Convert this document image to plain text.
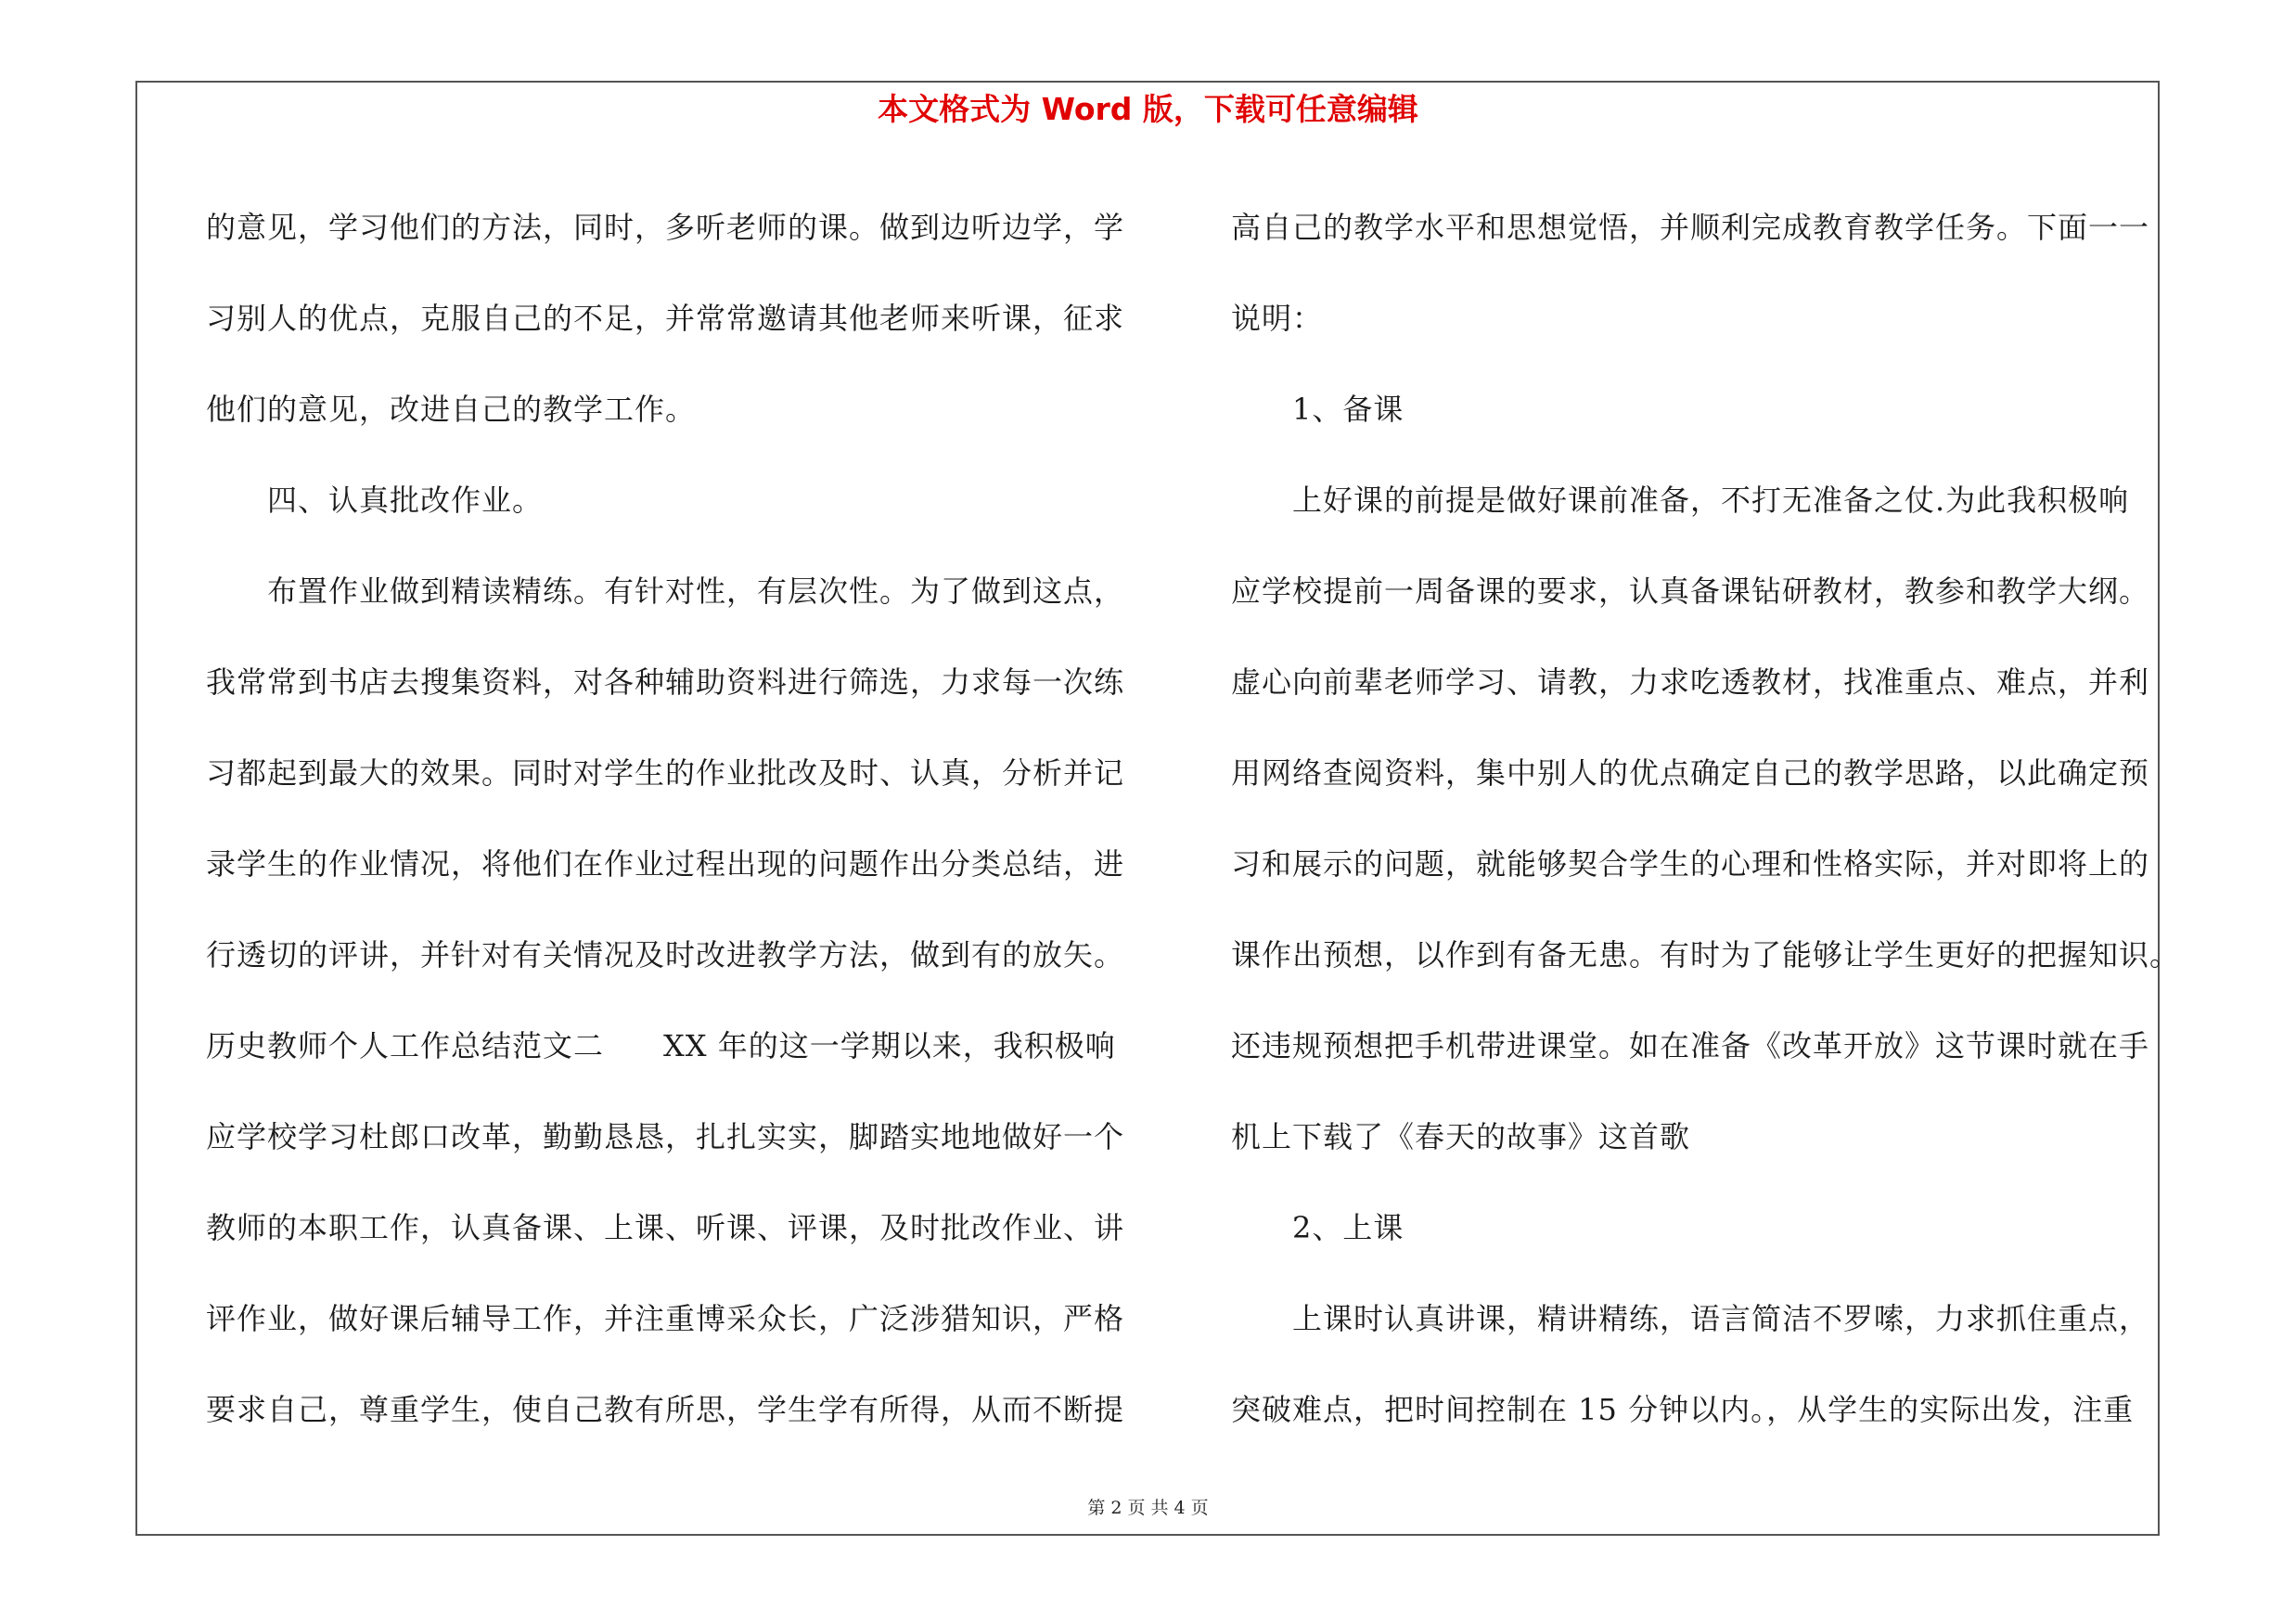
本文格式为 Word 版，下载可任意编辑
的意见，学习他们的方法，同时，多听老师的课。做到边听边学，学
习别人的优点，克服自己的不足，并常常邀请其他老师来听课，征求
他们的意见，改进自己的教学工作。
四、认真批改作业。
布置作业做到精读精练。有针对性，有层次性。为了做到这点，
我常常到书店去搜集资料，对各种辅助资料进行筛选，力求每一次练
习都起到最大的效果。同时对学生的作业批改及时、认真，分析并记
录学生的作业情况，将他们在作业过程出现的问题作出分类总结，进
行透切的评讲，并针对有关情况及时改进教学方法，做到有的放矢。
历史教师个人工作总结范文二 XX 年的这一学期以来，我积极响
应学校学习杜郎口改革，勤勤恳恳，扎扎实实，脚踏实地地做好一个
教师的本职工作，认真备课、上课、听课、评课，及时批改作业、讲
评作业，做好课后辅导工作，并注重博采众长，广泛涉猎知识，严格
要求自己，尊重学生，使自己教有所思，学生学有所得，从而不断提
高自己的教学水平和思想觉悟，并顺利完成教育教学任务。下面一一
说明：
1、备课
上好课的前提是做好课前准备，不打无准备之仗.为此我积极响
应学校提前一周备课的要求，认真备课钻研教材，教参和教学大纲。
虚心向前辈老师学习、请教，力求吃透教材，找准重点、难点，并利
用网络查阅资料，集中别人的优点确定自己的教学思路，以此确定预
习和展示的问题，就能够契合学生的心理和性格实际，并对即将上的
课作出预想，以作到有备无患。有时为了能够让学生更好的把握知识。
还违规预想把手机带进课堂。如在准备《改革开放》这节课时就在手
机上下载了《春天的故事》这首歌
2、上课
上课时认真讲课，精讲精练，语言简洁不罗嗦，力求抓住重点，
突破难点，把时间控制在 15 分钟以内。，从学生的实际出发，注重
第 2 页 共 4 页
